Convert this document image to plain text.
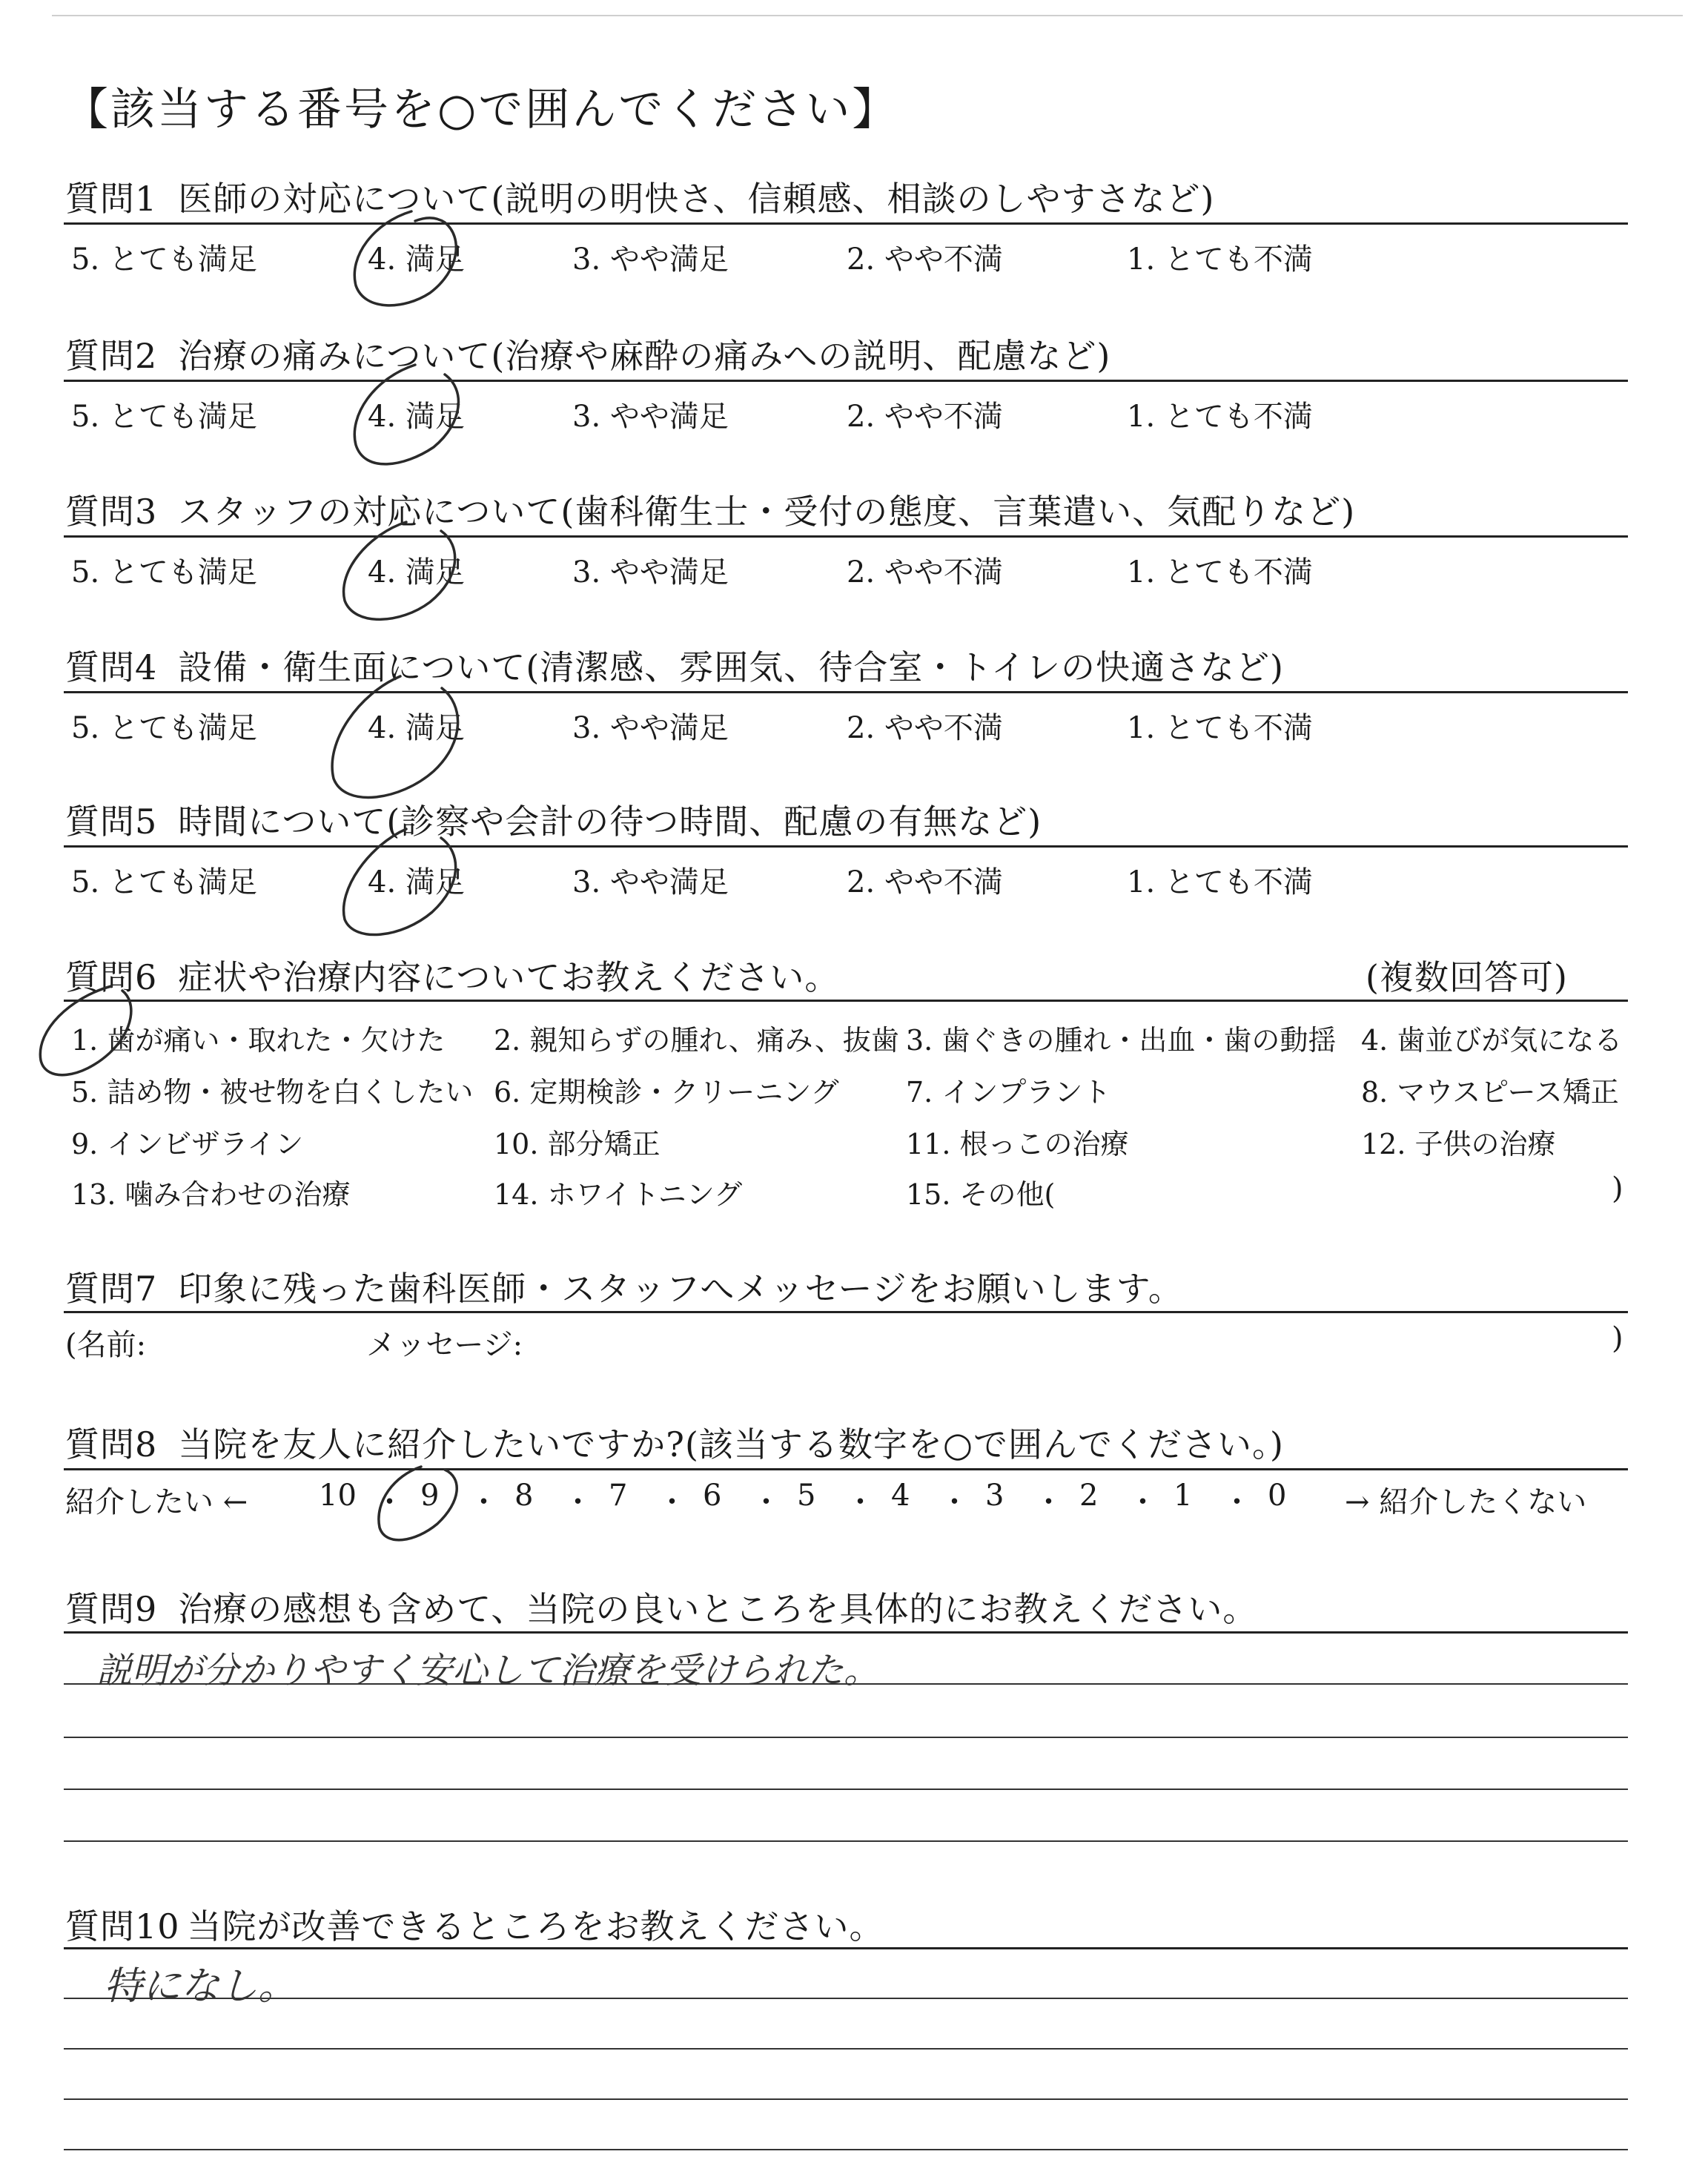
【該当する番号を○で囲んでください】
質問1 医師の対応について(説明の明快さ、信頼感、相談のしやすさなど)
5. とても満足	4. 満足	3. やや満足	2. やや不満	1. とても不満
質問2 治療の痛みについて(治療や麻酔の痛みへの説明、配慮など)
5. とても満足	4. 満足	3. やや満足	2. やや不満	1. とても不満
質問3 スタッフの対応について(歯科衛生士・受付の態度、言葉遣い、気配りなど)
5. とても満足	4. 満足	3. やや満足	2. やや不満	1. とても不満
質問4 設備・衛生面について(清潔感、雰囲気、待合室・トイレの快適さなど)
5. とても満足	4. 満足	3. やや満足	2. やや不満	1. とても不満
質問5 時間について(診察や会計の待つ時間、配慮の有無など)
5. とても満足	4. 満足	3. やや満足	2. やや不満	1. とても不満
質問6 症状や治療内容についてお教えください。	(複数回答可)
1. 歯が痛い・取れた・欠けた 2. 親知らずの腫れ、痛み、抜歯 3. 歯ぐきの腫れ・出血・歯の動揺 4. 歯並びが気になる
5. 詰め物・被せ物を白くしたい 6. 定期検診・クリーニング 7. インプラント	8. マウスピース矯正
9. インビザライン	10. 部分矯正	11. 根っこの治療	12. 子供の治療
13. 噛み合わせの治療	14. ホワイトニング	15. その他(	)
質問7 印象に残った歯科医師・スタッフへメッセージをお願いします。
(名前:	メッセージ:	)
質問8 当院を友人に紹介したいですか?(該当する数字を○で囲んでください。)
紹介したい ← 10 ・ 9 ・ 8 ・ 7 ・ 6 ・ 5 ・ 4 ・ 3 ・ 2 ・ 1 ・ 0 → 紹介したくない
質問9 治療の感想も含めて、当院の良いところを具体的にお教えください。
説明が分かりやすく安心して治療を受けられた。
質問10 当院が改善できるところをお教えください。
特になし。
